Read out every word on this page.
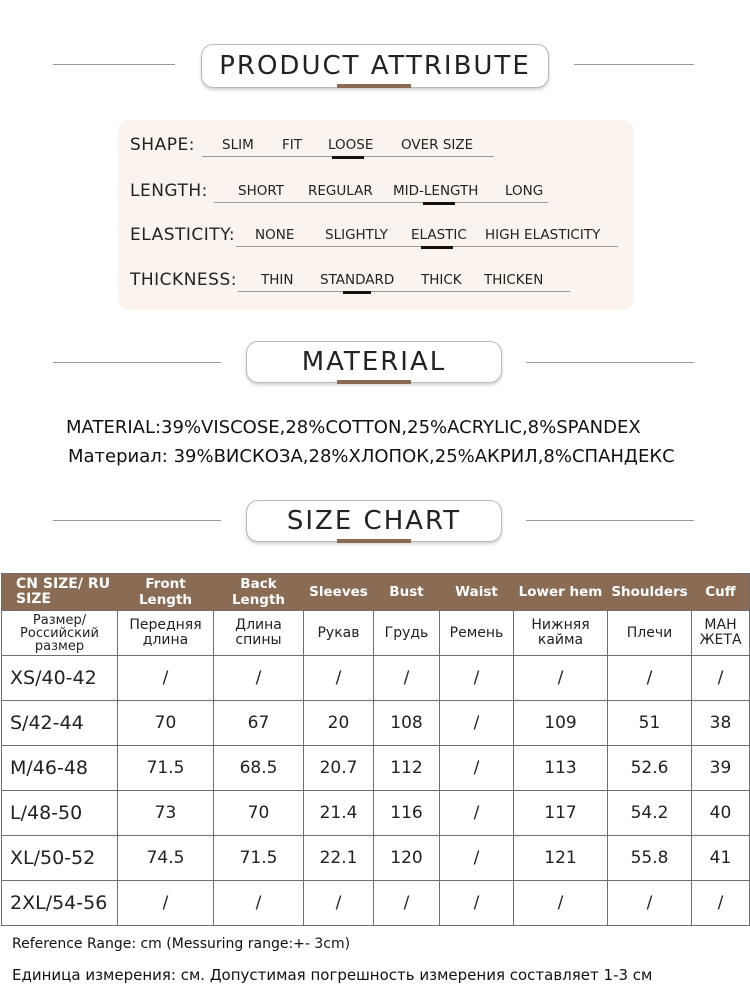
PRODUCT ATTRIBUTE
SHAPE: SLIM FIT LOOSE OVER SIZE
LENGTH: SHORT REGULAR MID-LENGTH LONG
ELASTICITY: NONE SLIGHTLY ELASTIC HIGH ELASTICITY
THICKNESS: THIN STANDARD THICK THICKEN
MATERIAL
MATERIAL:39%VISCOSE,28%COTTON,25%ACRYLIC,8%SPANDEX
Материал: 39%ВИСКОЗА,28%ХЛОПОК,25%АКРИЛ,8%СПАНДЕКС
SIZE CHART
CN SIZE/ RU SIZE	Front Length	Back Length	Sleeves	Bust	Waist	Lower hem	Shoulders	Cuff
Размер/ Российский размер	Передняя длина	Длина спины	Рукав	Грудь	Ремень	Нижняя кайма	Плечи	МАН ЖЕТА
XS/40-42	/	/	/	/	/	/	/	/
S/42-44	70	67	20	108	/	109	51	38
M/46-48	71.5	68.5	20.7	112	/	113	52.6	39
L/48-50	73	70	21.4	116	/	117	54.2	40
XL/50-52	74.5	71.5	22.1	120	/	121	55.8	41
2XL/54-56	/	/	/	/	/	/	/	/
Reference Range: cm (Messuring range:+- 3cm)
Единица измерения: см. Допустимая погрешность измерения составляет 1-3 см
